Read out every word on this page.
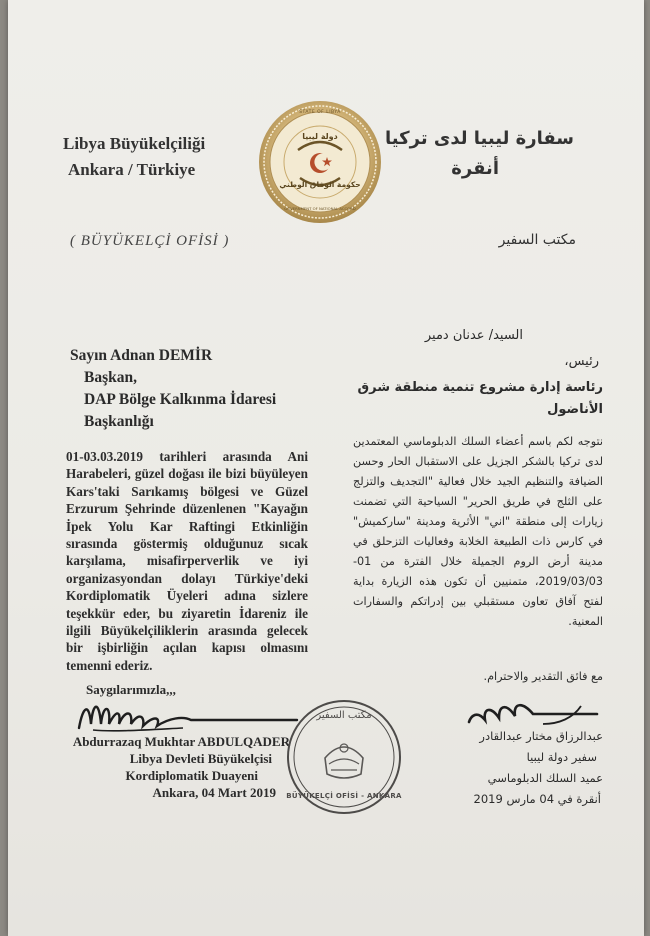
Libya Büyükelçiliği
Ankara / Türkiye
سفارة ليبيا لدى تركيا
أنقرة
STATE OF LIBYA
دولة ليبيا
حكومة الوفاق الوطني
GOVERNMENT OF NATIONAL ACCORD
( BÜYÜKELÇİ OFİSİ )	مكتب السفير
Sayın Adnan DEMİR
Başkan,
DAP Bölge Kalkınma İdaresi
Başkanlığı
السيد/ عدنان دمير
رئيس،
رئاسة إدارة مشروع تنمية منطقة شرق
الأناضول

01-03.03.2019 tarihleri arasında Ani Harabeleri, güzel doğası ile bizi büyüleyen Kars'taki Sarıkamış bölgesi ve Güzel Erzurum Şehrinde düzenlenen "Kayağın İpek Yolu Kar Raftingi Etkinliğin sırasında göstermiş olduğunuz sıcak karşılama, misafirperverlik ve iyi organizasyondan dolayı Türkiye'deki Kordiplomatik Üyeleri adına sizlere teşekkür eder, bu ziyaretin İdareniz ile ilgili Büyükelçiliklerin arasında gelecek bir işbirliğin açılan kapısı olmasını temenni ederiz.

نتوجه لكم باسم أعضاء السلك الدبلوماسي المعتمدين لدى تركيا بالشكر الجزيل على الاستقبال الحار وحسن الضيافة والتنظيم الجيد خلال فعالية "التجديف والتزلج على الثلج في طريق الحرير" السياحية التي تضمنت زيارات إلى منطقة "اني" الأثرية ومدينة "ساركميش" في كارس ذات الطبيعة الخلابة وفعاليات التزحلق في مدينة أرض الروم الجميلة خلال الفترة من 01-2019/03/03، متمنيين أن تكون هذه الزيارة بداية لفتح آفاق تعاون مستقبلي بين إدراتكم والسفارات المعنية.

مع فائق التقدير والاحترام.
Saygılarımızla,,,
Abdurrazaq Mukhtar ABDULQADER
Libya Devleti Büyükelçisi
Kordiplomatik Duayeni
Ankara, 04 Mart 2019
مكتب السفير
BÜYÜKELÇİ OFİSİ - ANKARA
عبدالرزاق مختار عبدالقادر
سفير دولة ليبيا
عميد السلك الدبلوماسي
أنقرة في 04 مارس 2019
